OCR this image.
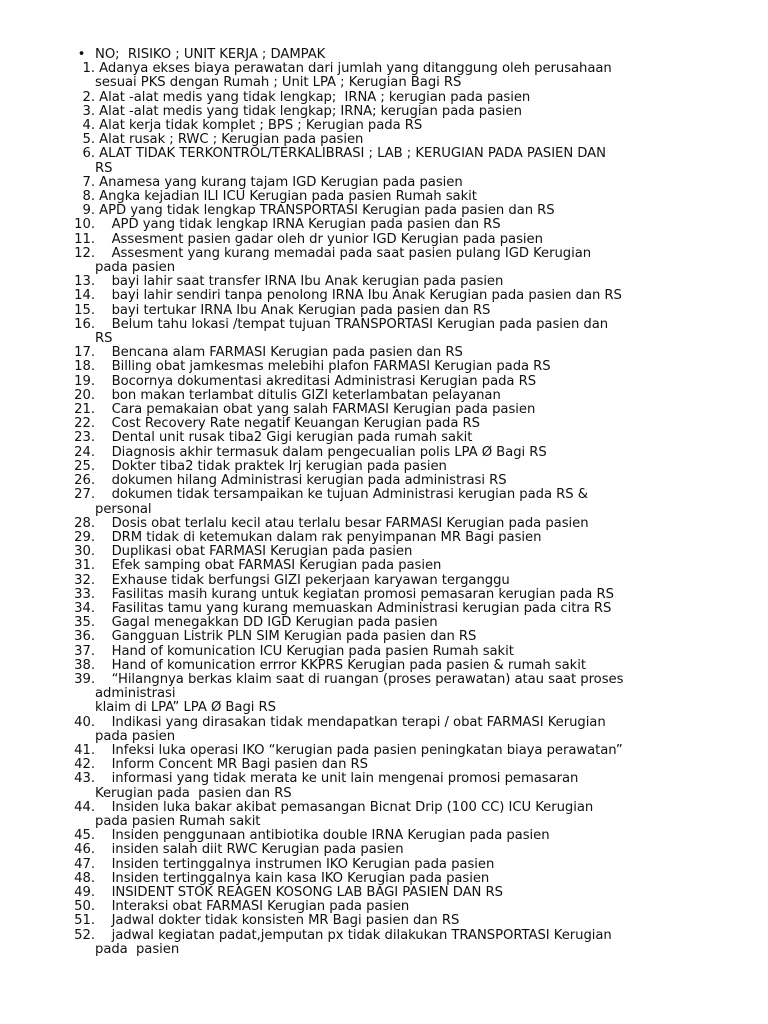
• NO;  RISIKO ; UNIT KERJA ; DAMPAK
1. Adanya ekses biaya perawatan dari jumlah yang ditanggung oleh perusahaan
sesuai PKS dengan Rumah ; Unit LPA ; Kerugian Bagi RS
2. Alat -alat medis yang tidak lengkap;  IRNA ; kerugian pada pasien
3. Alat -alat medis yang tidak lengkap; IRNA; kerugian pada pasien
4. Alat kerja tidak komplet ; BPS ; Kerugian pada RS
5. Alat rusak ; RWC ; Kerugian pada pasien
6. ALAT TIDAK TERKONTROL/TERKALIBRASI ; LAB ; KERUGIAN PADA PASIEN DAN
RS
7. Anamesa yang kurang tajam IGD Kerugian pada pasien
8. Angka kejadian ILI ICU Kerugian pada pasien Rumah sakit
9. APD yang tidak lengkap TRANSPORTASI Kerugian pada pasien dan RS
10. APD yang tidak lengkap IRNA Kerugian pada pasien dan RS
11. Assesment pasien gadar oleh dr yunior IGD Kerugian pada pasien
12. Assesment yang kurang memadai pada saat pasien pulang IGD Kerugian
pada pasien
13. bayi lahir saat transfer IRNA Ibu Anak kerugian pada pasien
14. bayi lahir sendiri tanpa penolong IRNA Ibu Anak Kerugian pada pasien dan RS
15. bayi tertukar IRNA Ibu Anak Kerugian pada pasien dan RS
16. Belum tahu lokasi /tempat tujuan TRANSPORTASI Kerugian pada pasien dan
RS
17. Bencana alam FARMASI Kerugian pada pasien dan RS
18. Billing obat jamkesmas melebihi plafon FARMASI Kerugian pada RS
19. Bocornya dokumentasi akreditasi Administrasi Kerugian pada RS
20. bon makan terlambat ditulis GIZI keterlambatan pelayanan
21. Cara pemakaian obat yang salah FARMASI Kerugian pada pasien
22. Cost Recovery Rate negatif Keuangan Kerugian pada RS
23. Dental unit rusak tiba2 Gigi kerugian pada rumah sakit
24. Diagnosis akhir termasuk dalam pengecualian polis LPA Ø Bagi RS
25. Dokter tiba2 tidak praktek Irj kerugian pada pasien
26. dokumen hilang Administrasi kerugian pada administrasi RS
27. dokumen tidak tersampaikan ke tujuan Administrasi kerugian pada RS &
personal
28. Dosis obat terlalu kecil atau terlalu besar FARMASI Kerugian pada pasien
29. DRM tidak di ketemukan dalam rak penyimpanan MR Bagi pasien
30. Duplikasi obat FARMASI Kerugian pada pasien
31. Efek samping obat FARMASI Kerugian pada pasien
32. Exhause tidak berfungsi GIZI pekerjaan karyawan terganggu
33. Fasilitas masih kurang untuk kegiatan promosi pemasaran kerugian pada RS
34. Fasilitas tamu yang kurang memuaskan Administrasi kerugian pada citra RS
35. Gagal menegakkan DD IGD Kerugian pada pasien
36. Gangguan Listrik PLN SIM Kerugian pada pasien dan RS
37. Hand of komunication ICU Kerugian pada pasien Rumah sakit
38. Hand of komunication errror KKPRS Kerugian pada pasien & rumah sakit
39. “Hilangnya berkas klaim saat di ruangan (proses perawatan) atau saat proses
administrasi
klaim di LPA” LPA Ø Bagi RS
40. Indikasi yang dirasakan tidak mendapatkan terapi / obat FARMASI Kerugian
pada pasien
41. Infeksi luka operasi IKO “kerugian pada pasien peningkatan biaya perawatan”
42. Inform Concent MR Bagi pasien dan RS
43. informasi yang tidak merata ke unit lain mengenai promosi pemasaran
Kerugian pada  pasien dan RS
44. Insiden luka bakar akibat pemasangan Bicnat Drip (100 CC) ICU Kerugian
pada pasien Rumah sakit
45. Insiden penggunaan antibiotika double IRNA Kerugian pada pasien
46. insiden salah diit RWC Kerugian pada pasien
47. Insiden tertinggalnya instrumen IKO Kerugian pada pasien
48. Insiden tertinggalnya kain kasa IKO Kerugian pada pasien
49. INSIDENT STOK REAGEN KOSONG LAB BAGI PASIEN DAN RS
50. Interaksi obat FARMASI Kerugian pada pasien
51. Jadwal dokter tidak konsisten MR Bagi pasien dan RS
52. jadwal kegiatan padat,jemputan px tidak dilakukan TRANSPORTASI Kerugian
pada  pasien
